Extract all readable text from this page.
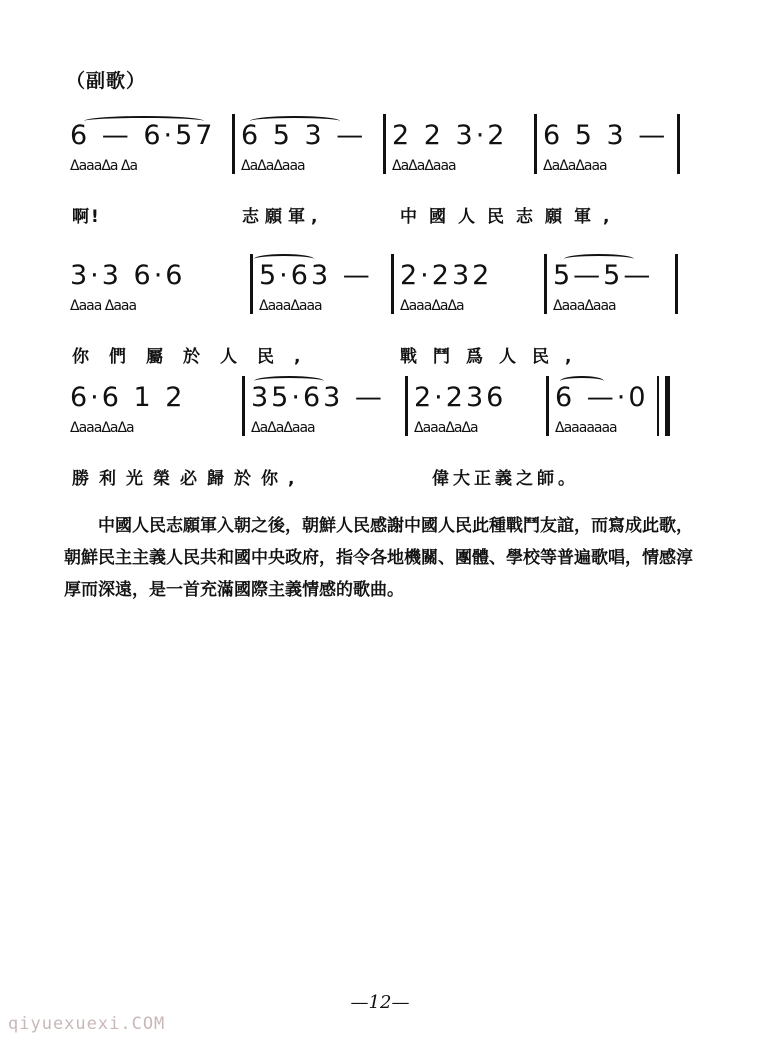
（副歌）
6 — 6·57
ΔaaaΔa Δa
6 5 3 —
ΔaΔaΔaaa
2 2 3·2
ΔaΔaΔaaa
6 5 3 —
ΔaΔaΔaaa
啊!	志願軍,	中國人民志願軍,
3·3 6·6
Δaaa Δaaa
5·63 —
ΔaaaΔaaa
2·232
ΔaaaΔaΔa
5—5—
ΔaaaΔaaa
你們屬於人民,	戰鬥爲人民,
6·6 1 2
ΔaaaΔaΔa
35·63 —
ΔaΔaΔaaa
2·236
ΔaaaΔaΔa
6 —·0
Δaaaaaaa
勝利光榮必歸於你,	偉大正義之師。

中國人民志願軍入朝之後，朝鮮人民感謝中國人民此種戰鬥友誼，而寫成此歌，朝鮮民主主義人民共和國中央政府，指令各地機關、團體、學校等普遍歌唱，情感淳厚而深遠，是一首充滿國際主義情感的歌曲。

—12—
qiyuexuexi.COM
